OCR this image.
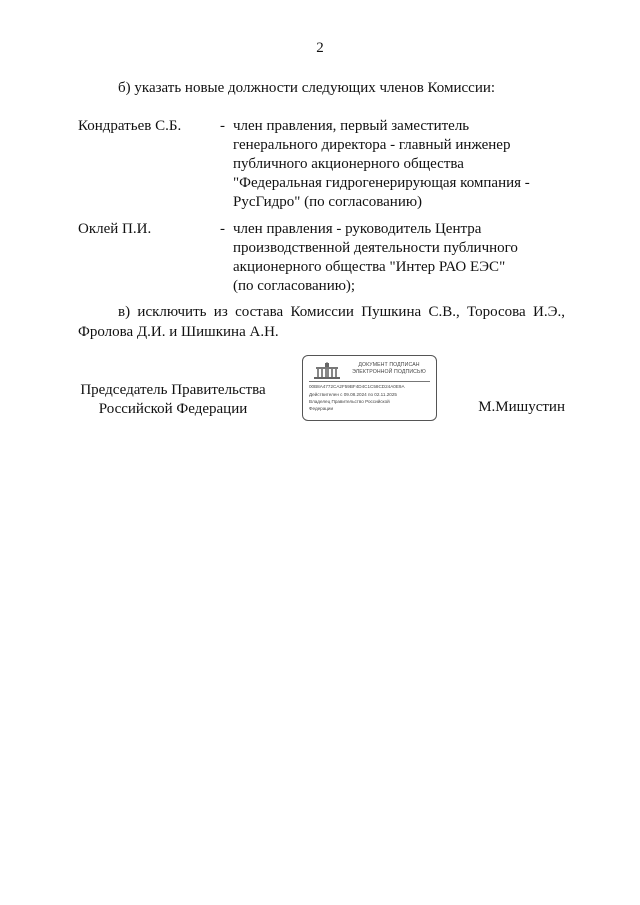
2

б) указать новые должности следующих членов Комиссии:

Кондратьев С.Б.	- член правления, первый заместитель
генерального директора - главный инженер
публичного акционерного общества
"Федеральная гидрогенерирующая компания -
РусГидро" (по согласованию)
Оклей П.И.	- член правления - руководитель Центра
производственной деятельности публичного
акционерного общества "Интер РАО ЕЭС"
(по согласованию);
в) исключить из состава Комиссии Пушкина С.В., Торосова И.Э.,
Фролова Д.И. и Шишкина А.Н.
Председатель Правительства
Российской Федерации
ДОКУМЕНТ ПОДПИСАН
ЭЛЕКТРОННОЙ ПОДПИСЬЮ
00B8A4772CA2F59BF4D4C1C58CD24A0E9A
Действителен с 09.08.2024 по 02.11.2025
Владелец Правительство Российской
Федерации	М.Мишустин
